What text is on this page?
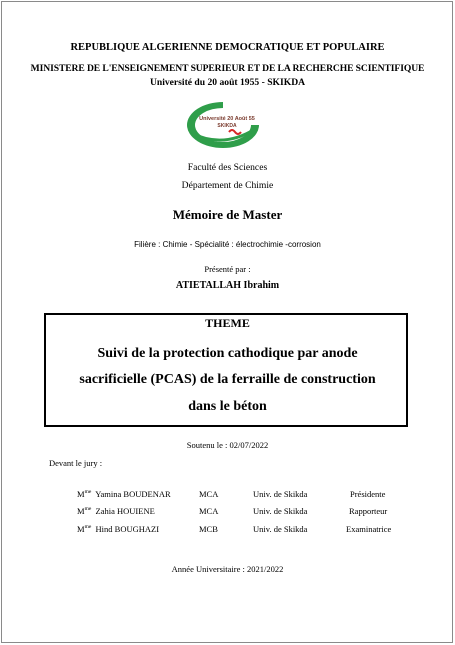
REPUBLIQUE ALGERIENNE DEMOCRATIQUE ET POPULAIRE
MINISTERE DE L'ENSEIGNEMENT SUPERIEUR ET DE LA RECHERCHE SCIENTIFIQUE
Université du 20 août 1955 - SKIKDA
Université 20 Août 55
SKIKDA
Faculté des Sciences
Département de Chimie
Mémoire de Master
Filière : Chimie - Spécialité : électrochimie -corrosion
Présenté par :
ATIETALLAH Ibrahim
THEME
Suivi de la protection cathodique par anode
sacrificielle (PCAS) de la ferraille de construction
dans le béton
Soutenu le : 02/07/2022
Devant le jury :
$M^{me}$ Yamina BOUDENAR	MCA	Univ. de Skikda	Présidente
$M^{me}$ Zahia HOUIENE	MCA	Univ. de Skikda	Rapporteur
$M^{me}$ Hind BOUGHAZI	MCB	Univ. de Skikda	Examinatrice
Année Universitaire : 2021/2022
